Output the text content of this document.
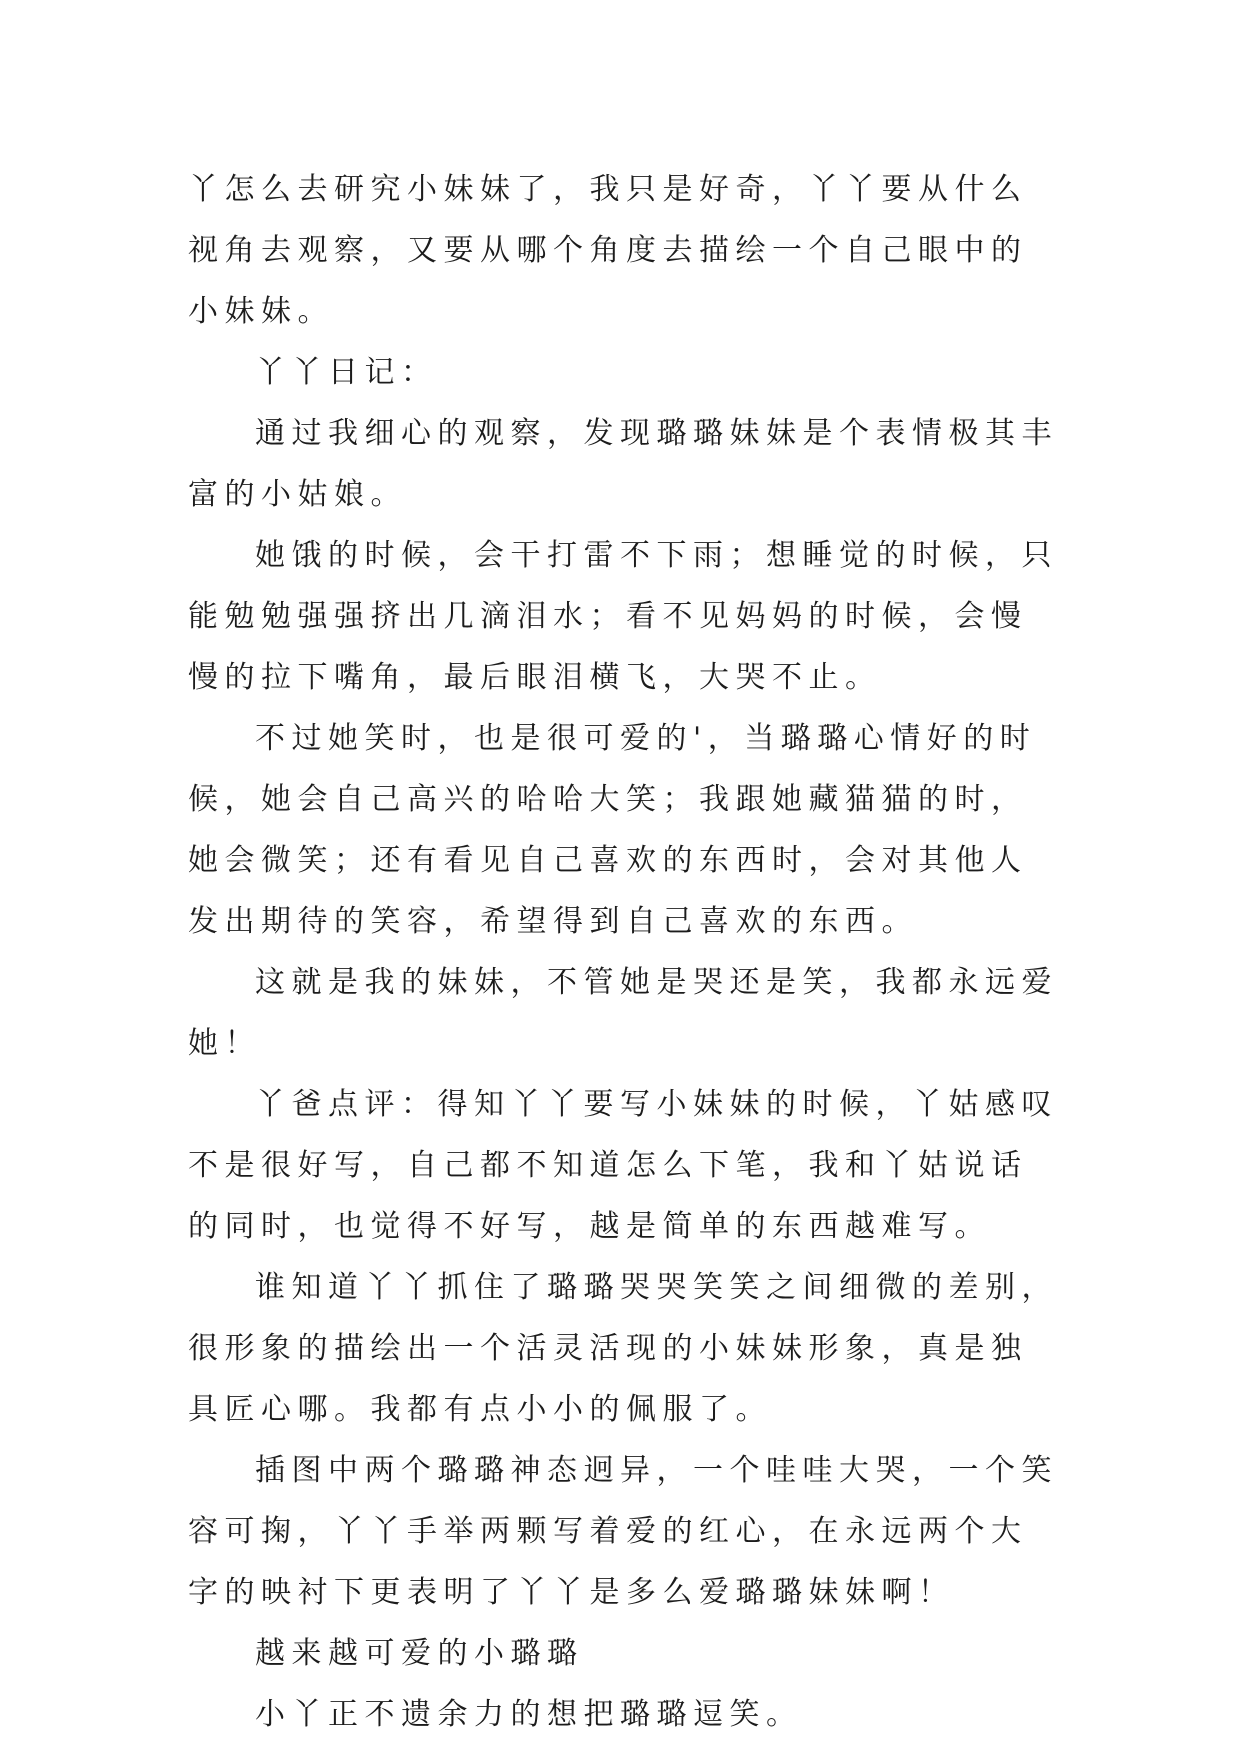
丫怎么去研究小妹妹了，我只是好奇，丫丫要从什么视角去观察，又要从哪个角度去描绘一个自己眼中的小妹妹。

丫丫日记：

通过我细心的观察，发现璐璐妹妹是个表情极其丰富的小姑娘。

她饿的时候，会干打雷不下雨；想睡觉的时候，只能勉勉强强挤出几滴泪水；看不见妈妈的时候，会慢慢的拉下嘴角，最后眼泪横飞，大哭不止。

不过她笑时，也是很可爱的'，当璐璐心情好的时候，她会自己高兴的哈哈大笑；我跟她藏猫猫的时，她会微笑；还有看见自己喜欢的东西时，会对其他人发出期待的笑容，希望得到自己喜欢的东西。

这就是我的妹妹，不管她是哭还是笑，我都永远爱她！

丫爸点评：得知丫丫要写小妹妹的时候，丫姑感叹不是很好写，自己都不知道怎么下笔，我和丫姑说话的同时，也觉得不好写，越是简单的东西越难写。

谁知道丫丫抓住了璐璐哭哭笑笑之间细微的差别，很形象的描绘出一个活灵活现的小妹妹形象，真是独具匠心哪。我都有点小小的佩服了。

插图中两个璐璐神态迥异，一个哇哇大哭，一个笑容可掬，丫丫手举两颗写着爱的红心，在永远两个大字的映衬下更表明了丫丫是多么爱璐璐妹妹啊！

越来越可爱的小璐璐

小丫正不遗余力的想把璐璐逗笑。
